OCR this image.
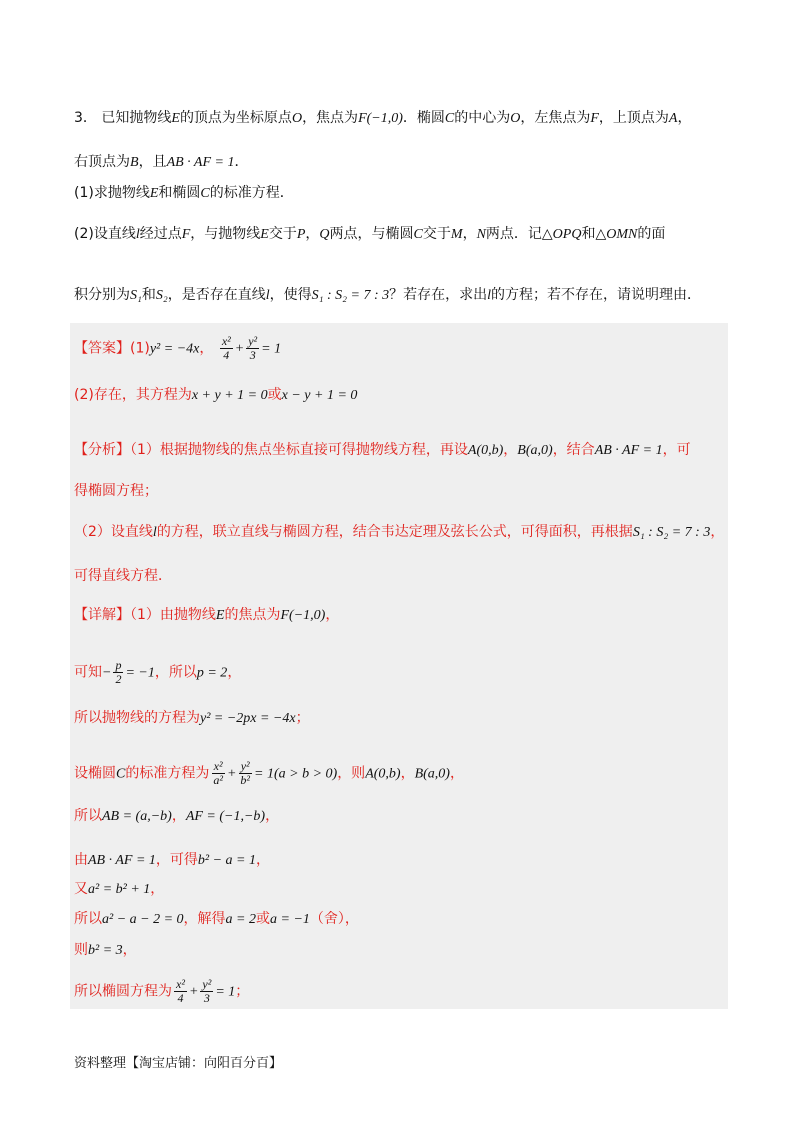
3． 已知抛物线E的顶点为坐标原点O，焦点为F(−1,0)．椭圆C的中心为O，左焦点为F，上顶点为A，
右顶点为B，且AB · AF = 1．
(1)求抛物线E和椭圆C的标准方程．
(2)设直线l经过点F，与抛物线E交于P，Q两点，与椭圆C交于M，N两点．记△OPQ和△OMN的面
积分别为S₁和S₂，是否存在直线l，使得S₁ : S₂ = 7 : 3？若存在，求出l的方程；若不存在，请说明理由．
【答案】(1)y² = −4x， $\frac{\text{x²}}{4} + \frac{\text{y²}}{3} = 1$
(2)存在，其方程为x + y + 1 = 0或x − y + 1 = 0
【分析】（1）根据抛物线的焦点坐标直接可得抛物线方程，再设A(0,b)，B(a,0)，结合AB · AF = 1，可
得椭圆方程；
（2）设直线l的方程，联立直线与椭圆方程，结合韦达定理及弦长公式，可得面积，再根据S₁ : S₂ = 7 : 3，
可得直线方程．
【详解】（1）由抛物线E的焦点为F(−1,0)，
可知− $\frac{p}{2} = -1$，所以p = 2，
所以抛物线的方程为y² = −2px = −4x；
设椭圆C的标准方程为 $\frac{\text{x²}}{\text{a²}} + \frac{\text{y²}}{\text{b²}} = 1(a > b > 0)$，则A(0,b)，B(a,0)，
所以AB = (a,−b)，AF = (−1,−b)，
由AB · AF = 1，可得b² − a = 1，
又a² = b² + 1，
所以a² − a − 2 = 0，解得a = 2或a = −1（舍），
则b² = 3，
所以椭圆方程为 $\frac{\text{x²}}{4} + \frac{\text{y²}}{3} = 1$；
资料整理【淘宝店铺：向阳百分百】
